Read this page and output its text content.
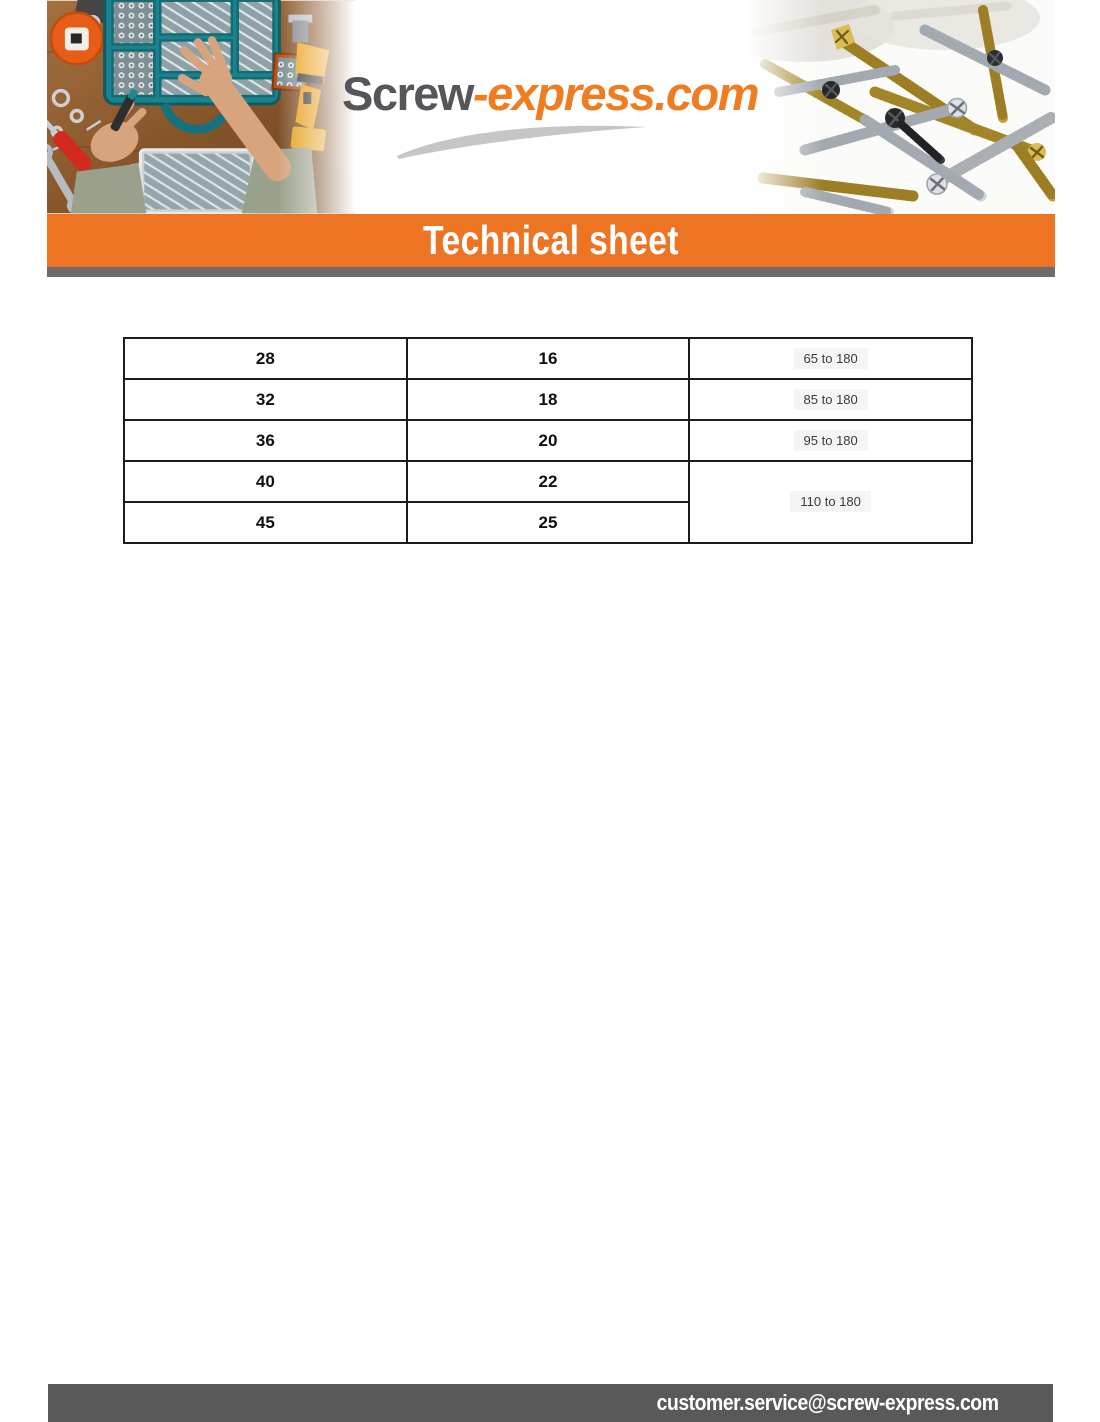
Screw-express.com
Technical sheet
28	16	65 to 180
32	18	85 to 180
36	20	95 to 180
40	22	110 to 180
45	25	
customer.service@screw-express.com
